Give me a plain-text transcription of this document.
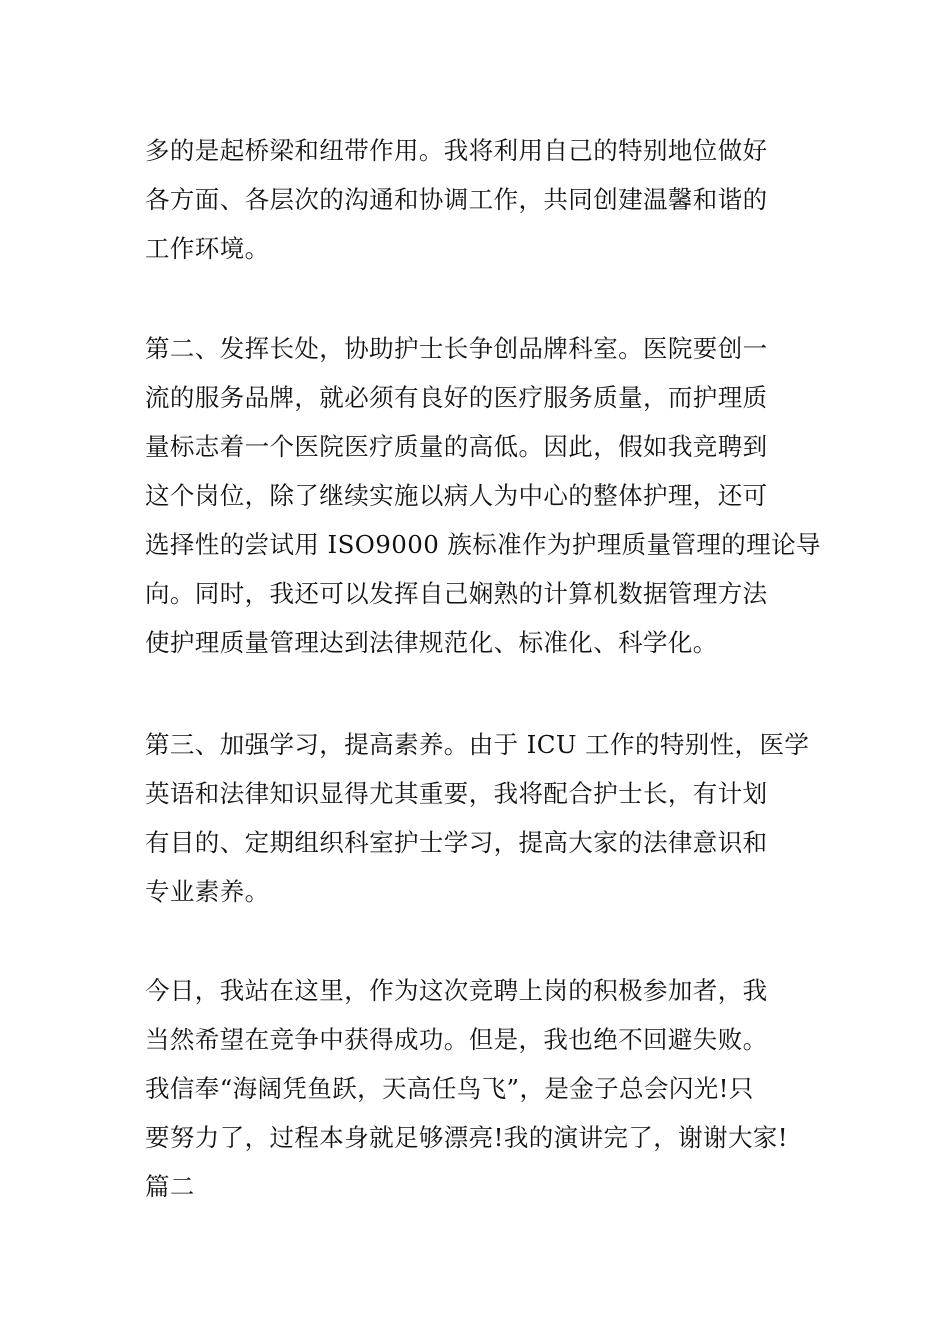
多的是起桥梁和纽带作用。我将利用自己的特别地位做好
各方面、各层次的沟通和协调工作，共同创建温馨和谐的
工作环境。

第二、发挥长处，协助护士长争创品牌科室。医院要创一
流的服务品牌，就必须有良好的医疗服务质量，而护理质
量标志着一个医院医疗质量的高低。因此，假如我竞聘到
这个岗位，除了继续实施以病人为中心的整体护理，还可
选择性的尝试用 ISO9000 族标准作为护理质量管理的理论导
向。同时，我还可以发挥自己娴熟的计算机数据管理方法
使护理质量管理达到法律规范化、标准化、科学化。

第三、加强学习，提高素养。由于 ICU 工作的特别性，医学
英语和法律知识显得尤其重要，我将配合护士长，有计划
有目的、定期组织科室护士学习，提高大家的法律意识和
专业素养。

今日，我站在这里，作为这次竞聘上岗的积极参加者，我
当然希望在竞争中获得成功。但是，我也绝不回避失败。
我信奉“海阔凭鱼跃，天高任鸟飞”，是金子总会闪光!只
要努力了，过程本身就足够漂亮!我的演讲完了，谢谢大家!
篇二
